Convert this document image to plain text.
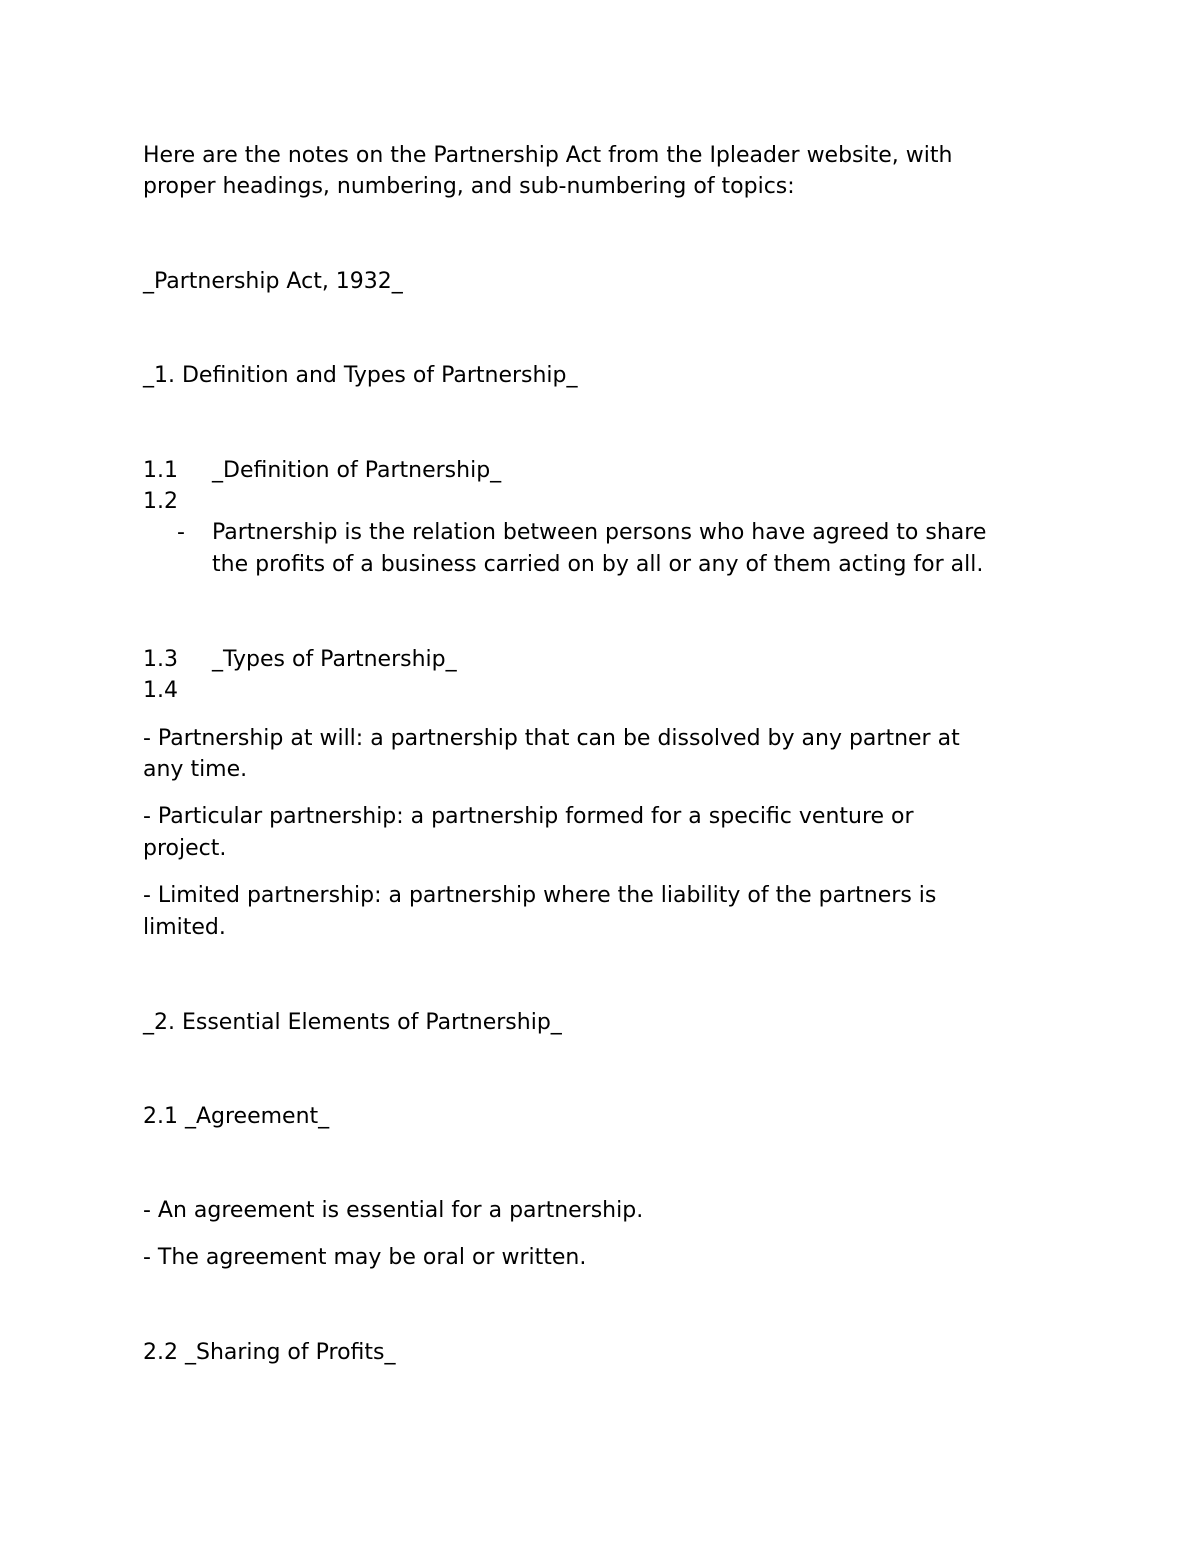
Here are the notes on the Partnership Act from the Ipleader website, with

proper headings, numbering, and sub-numbering of topics:

_Partnership Act, 1932_

_1. Definition and Types of Partnership_

1.1 _Definition of Partnership_
1.2
- Partnership is the relation between persons who have agreed to share
the profits of a business carried on by all or any of them acting for all.
1.3 _Types of Partnership_
1.4

- Partnership at will: a partnership that can be dissolved by any partner at

any time.

- Particular partnership: a partnership formed for a specific venture or

project.

- Limited partnership: a partnership where the liability of the partners is

limited.

_2. Essential Elements of Partnership_

2.1 _Agreement_

- An agreement is essential for a partnership.

- The agreement may be oral or written.

2.2 _Sharing of Profits_
